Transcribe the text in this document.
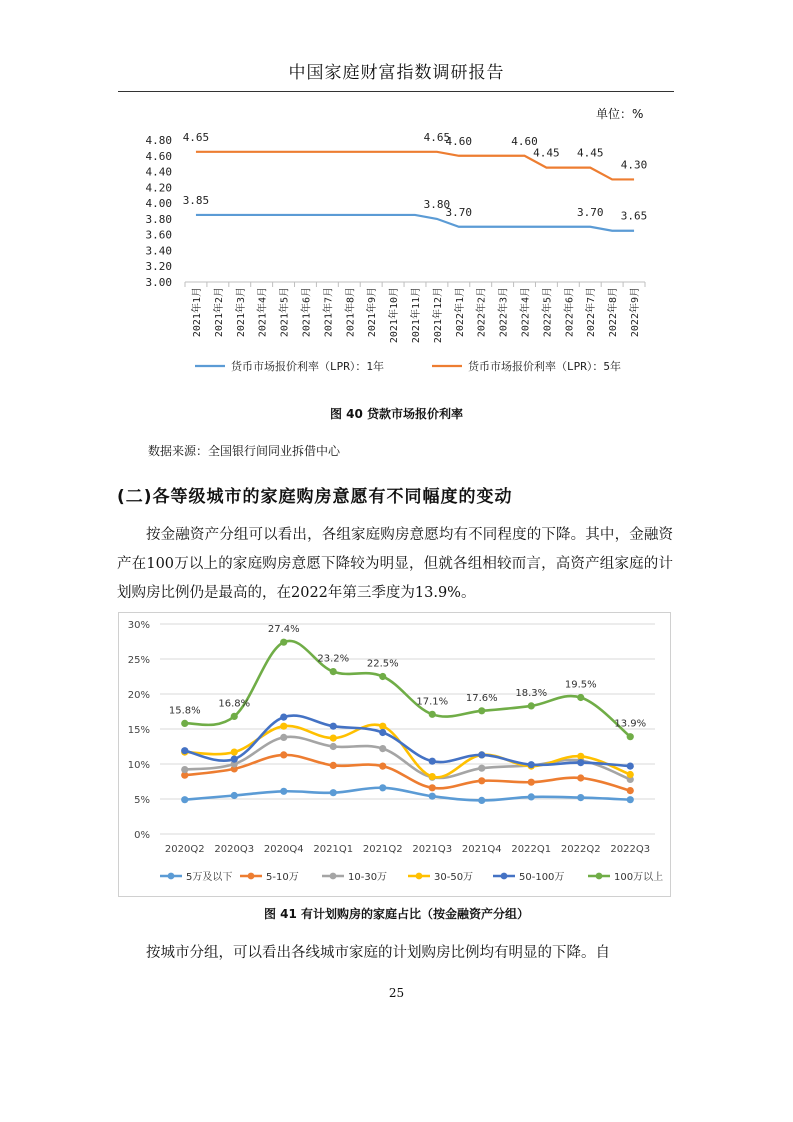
中国家庭财富指数调研报告
单位：%
3.00
3.20
3.40
3.60
3.80
4.00
4.20
4.40
4.60
4.80
2021年1月 2021年2月 2021年3月 2021年4月 2021年5月 2021年6月 2021年7月 2021年8月 2021年9月 2021年10月 2021年11月 2021年12月 2022年1月 2022年2月 2022年3月 2022年4月 2022年5月 2022年6月 2022年7月 2022年8月 2022年9月
3.85	3.80
3.70	3.70 3.65
4.65	4.65
4.60	4.60
4.45 4.45
4.30
货币市场报价利率（LPR）：1年	货币市场报价利率（LPR）：5年
图 40 贷款市场报价利率
数据来源：全国银行间同业拆借中心
(二)各等级城市的家庭购房意愿有不同幅度的变动

按金融资产分组可以看出，各组家庭购房意愿均有不同程度的下降。其中，金融资产在100万以上的家庭购房意愿下降较为明显，但就各组相较而言，高资产组家庭的计划购房比例仍是最高的，在2022年第三季度为13.9%。

0%
5%
10%
15%
20%
25%
30%
2020Q2 2020Q3 2020Q4 2021Q1 2021Q2 2021Q3 2021Q4 2022Q1 2022Q2 2022Q3
15.8%
16.8%
27.4%
23.2% 22.5%
17.1% 17.6% 18.3%
19.5%
13.9%
5万及以下	5-10万	10-30万	30-50万	50-100万	100万以上
图 41 有计划购房的家庭占比（按金融资产分组）

按城市分组，可以看出各线城市家庭的计划购房比例均有明显的下降。自

25
